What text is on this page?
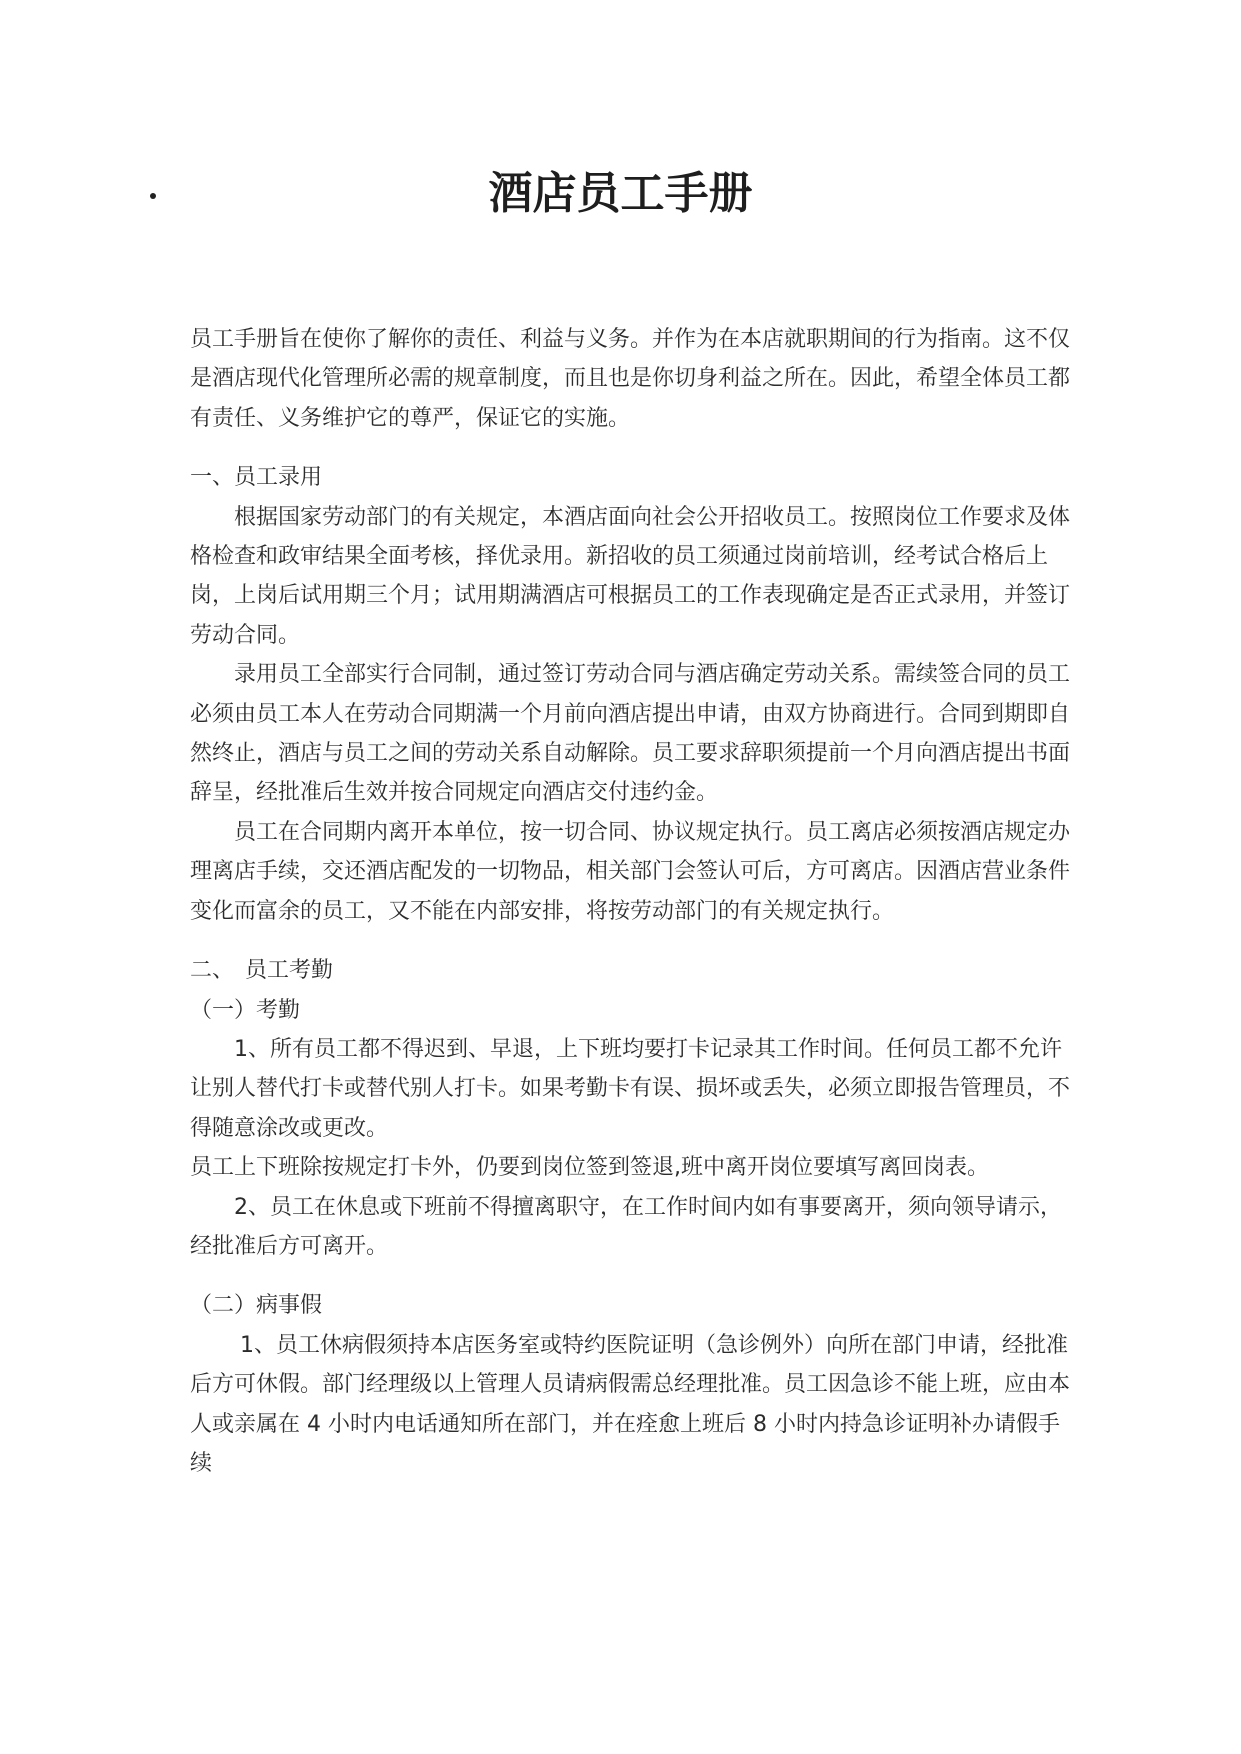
酒店员工手册

员工手册旨在使你了解你的责任、利益与义务。并作为在本店就职期间的行为指南。这不仅是酒店现代化管理所必需的规章制度，而且也是你切身利益之所在。因此，希望全体员工都有责任、义务维护它的尊严，保证它的实施。

一、员工录用

根据国家劳动部门的有关规定，本酒店面向社会公开招收员工。按照岗位工作要求及体格检查和政审结果全面考核，择优录用。新招收的员工须通过岗前培训，经考试合格后上岗，上岗后试用期三个月；试用期满酒店可根据员工的工作表现确定是否正式录用，并签订劳动合同。

录用员工全部实行合同制，通过签订劳动合同与酒店确定劳动关系。需续签合同的员工必须由员工本人在劳动合同期满一个月前向酒店提出申请，由双方协商进行。合同到期即自然终止，酒店与员工之间的劳动关系自动解除。员工要求辞职须提前一个月向酒店提出书面辞呈，经批准后生效并按合同规定向酒店交付违约金。

员工在合同期内离开本单位，按一切合同、协议规定执行。员工离店必须按酒店规定办理离店手续，交还酒店配发的一切物品，相关部门会签认可后，方可离店。因酒店营业条件变化而富余的员工，又不能在内部安排，将按劳动部门的有关规定执行。

二、　员工考勤

（一）考勤

1、所有员工都不得迟到、早退，上下班均要打卡记录其工作时间。任何员工都不允许让别人替代打卡或替代别人打卡。如果考勤卡有误、损坏或丢失，必须立即报告管理员，不得随意涂改或更改。

员工上下班除按规定打卡外，仍要到岗位签到签退,班中离开岗位要填写离回岗表。

2、员工在休息或下班前不得擅离职守，在工作时间内如有事要离开，须向领导请示，经批准后方可离开。

（二）病事假

1、员工休病假须持本店医务室或特约医院证明（急诊例外）向所在部门申请，经批准后方可休假。部门经理级以上管理人员请病假需总经理批准。员工因急诊不能上班，应由本人或亲属在 4 小时内电话通知所在部门，并在痊愈上班后 8 小时内持急诊证明补办请假手续
